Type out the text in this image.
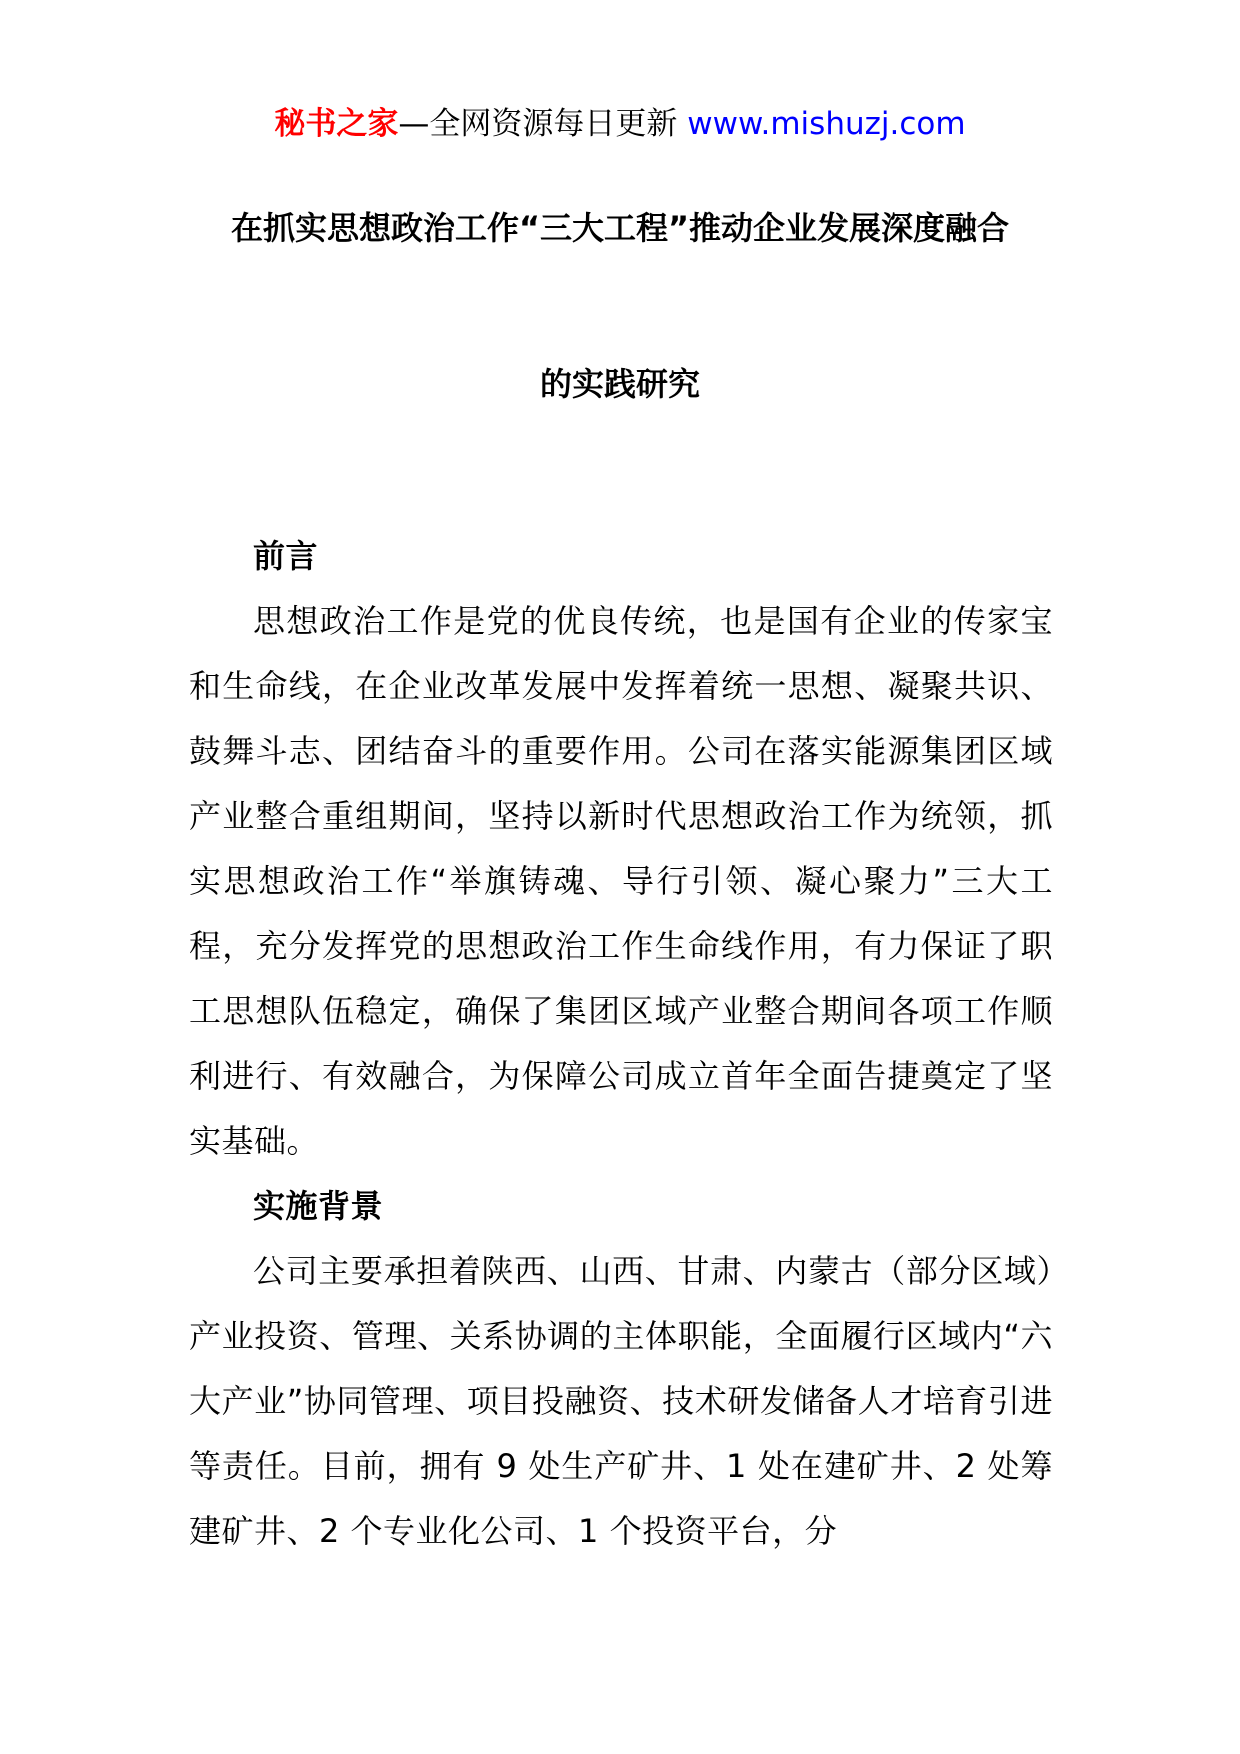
秘书之家—全网资源每日更新 www.mishuzj.com
在抓实思想政治工作“三大工程”推动企业发展深度融合
的实践研究

前言

思想政治工作是党的优良传统，也是国有企业的传家宝和生命线，在企业改革发展中发挥着统一思想、凝聚共识、鼓舞斗志、团结奋斗的重要作用。公司在落实能源集团区域产业整合重组期间，坚持以新时代思想政治工作为统领，抓实思想政治工作“举旗铸魂、导行引领、凝心聚力”三大工程，充分发挥党的思想政治工作生命线作用，有力保证了职工思想队伍稳定，确保了集团区域产业整合期间各项工作顺利进行、有效融合，为保障公司成立首年全面告捷奠定了坚实基础。

实施背景

公司主要承担着陕西、山西、甘肃、内蒙古（部分区域）产业投资、管理、关系协调的主体职能，全面履行区域内“六大产业”协同管理、项目投融资、技术研发储备人才培育引进等责任。目前，拥有 9 处生产矿井、1 处在建矿井、2 处筹建矿井、2 个专业化公司、1 个投资平台，分
